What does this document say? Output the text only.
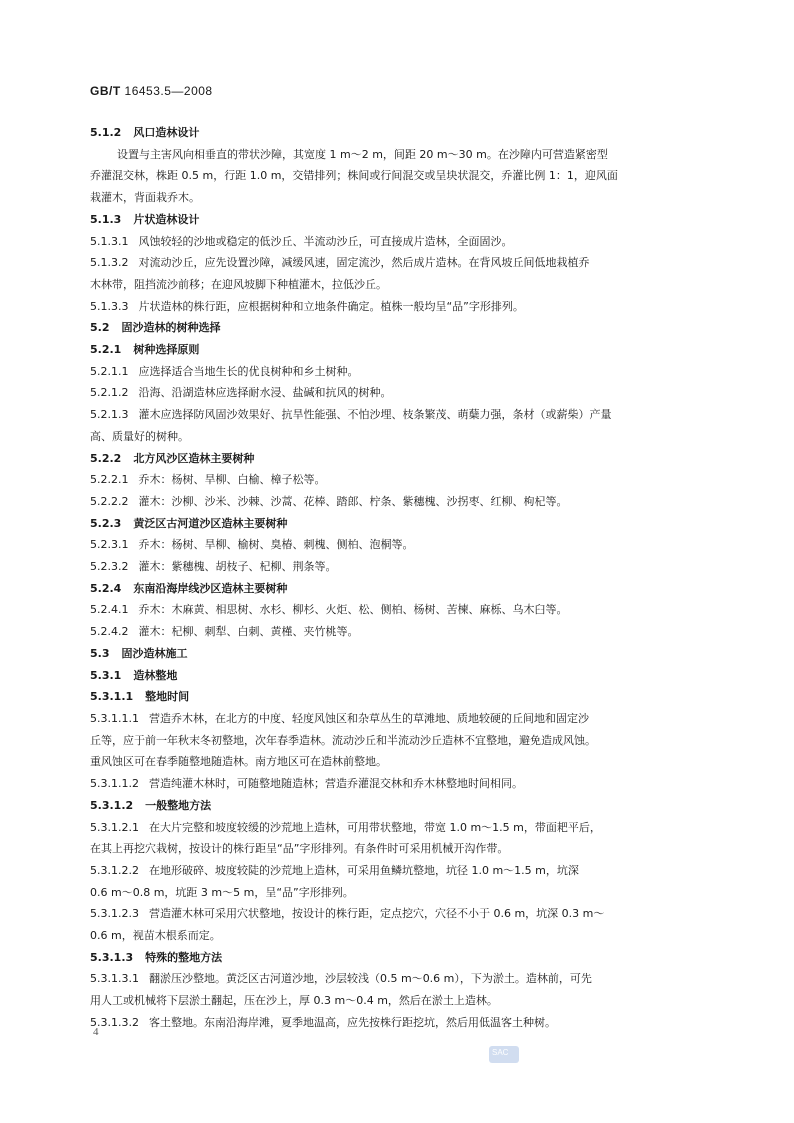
GB/T 16453.5—2008
5.1.2 风口造林设计
设置与主害风向相垂直的带状沙障，其宽度 1 m～2 m，间距 20 m～30 m。在沙障内可营造紧密型
乔灌混交林，株距 0.5 m，行距 1.0 m，交错排列；株间或行间混交或呈块状混交，乔灌比例 1：1，迎风面
栽灌木，背面栽乔木。
5.1.3 片状造林设计
5.1.3.1 风蚀较轻的沙地或稳定的低沙丘、半流动沙丘，可直接成片造林，全面固沙。
5.1.3.2 对流动沙丘，应先设置沙障，减缓风速，固定流沙，然后成片造林。在背风坡丘间低地栽植乔
木林带，阻挡流沙前移；在迎风坡脚下种植灌木，拉低沙丘。
5.1.3.3 片状造林的株行距，应根据树种和立地条件确定。植株一般均呈“品”字形排列。
5.2 固沙造林的树种选择
5.2.1 树种选择原则
5.2.1.1 应选择适合当地生长的优良树种和乡土树种。
5.2.1.2 沿海、沿湖造林应选择耐水浸、盐碱和抗风的树种。
5.2.1.3 灌木应选择防风固沙效果好、抗旱性能强、不怕沙埋、枝条繁茂、萌蘖力强，条材（或薪柴）产量
高、质量好的树种。
5.2.2 北方风沙区造林主要树种
5.2.2.1 乔木：杨树、旱柳、白榆、樟子松等。
5.2.2.2 灌木：沙柳、沙米、沙棘、沙蒿、花棒、踏郎、柠条、紫穗槐、沙拐枣、红柳、枸杞等。
5.2.3 黄泛区古河道沙区造林主要树种
5.2.3.1 乔木：杨树、旱柳、榆树、臭椿、刺槐、侧柏、泡桐等。
5.2.3.2 灌木：紫穗槐、胡枝子、杞柳、荆条等。
5.2.4 东南沿海岸线沙区造林主要树种
5.2.4.1 乔木：木麻黄、相思树、水杉、柳杉、火炬、松、侧柏、杨树、苦楝、麻栎、乌木臼等。
5.2.4.2 灌木：杞柳、刺犁、白刺、黄槿、夹竹桃等。
5.3 固沙造林施工
5.3.1 造林整地
5.3.1.1 整地时间
5.3.1.1.1 营造乔木林，在北方的中度、轻度风蚀区和杂草丛生的草滩地、质地较硬的丘间地和固定沙
丘等，应于前一年秋末冬初整地，次年春季造林。流动沙丘和半流动沙丘造林不宜整地，避免造成风蚀。
重风蚀区可在春季随整地随造林。南方地区可在造林前整地。
5.3.1.1.2 营造纯灌木林时，可随整地随造林；营造乔灌混交林和乔木林整地时间相同。
5.3.1.2 一般整地方法
5.3.1.2.1 在大片完整和坡度较缓的沙荒地上造林，可用带状整地，带宽 1.0 m～1.5 m，带面耙平后，
在其上再挖穴栽树，按设计的株行距呈“品”字形排列。有条件时可采用机械开沟作带。
5.3.1.2.2 在地形破碎、坡度较陡的沙荒地上造林，可采用鱼鳞坑整地，坑径 1.0 m～1.5 m，坑深
0.6 m～0.8 m，坑距 3 m～5 m，呈“品”字形排列。
5.3.1.2.3 营造灌木林可采用穴状整地，按设计的株行距，定点挖穴，穴径不小于 0.6 m，坑深 0.3 m～
0.6 m，视苗木根系而定。
5.3.1.3 特殊的整地方法
5.3.1.3.1 翻淤压沙整地。黄泛区古河道沙地，沙层较浅（0.5 m～0.6 m），下为淤土。造林前，可先
用人工或机械将下层淤土翻起，压在沙上，厚 0.3 m～0.4 m，然后在淤土上造林。
5.3.1.3.2 客土整地。东南沿海岸滩，夏季地温高，应先按株行距挖坑，然后用低温客土种树。
4
SAC
